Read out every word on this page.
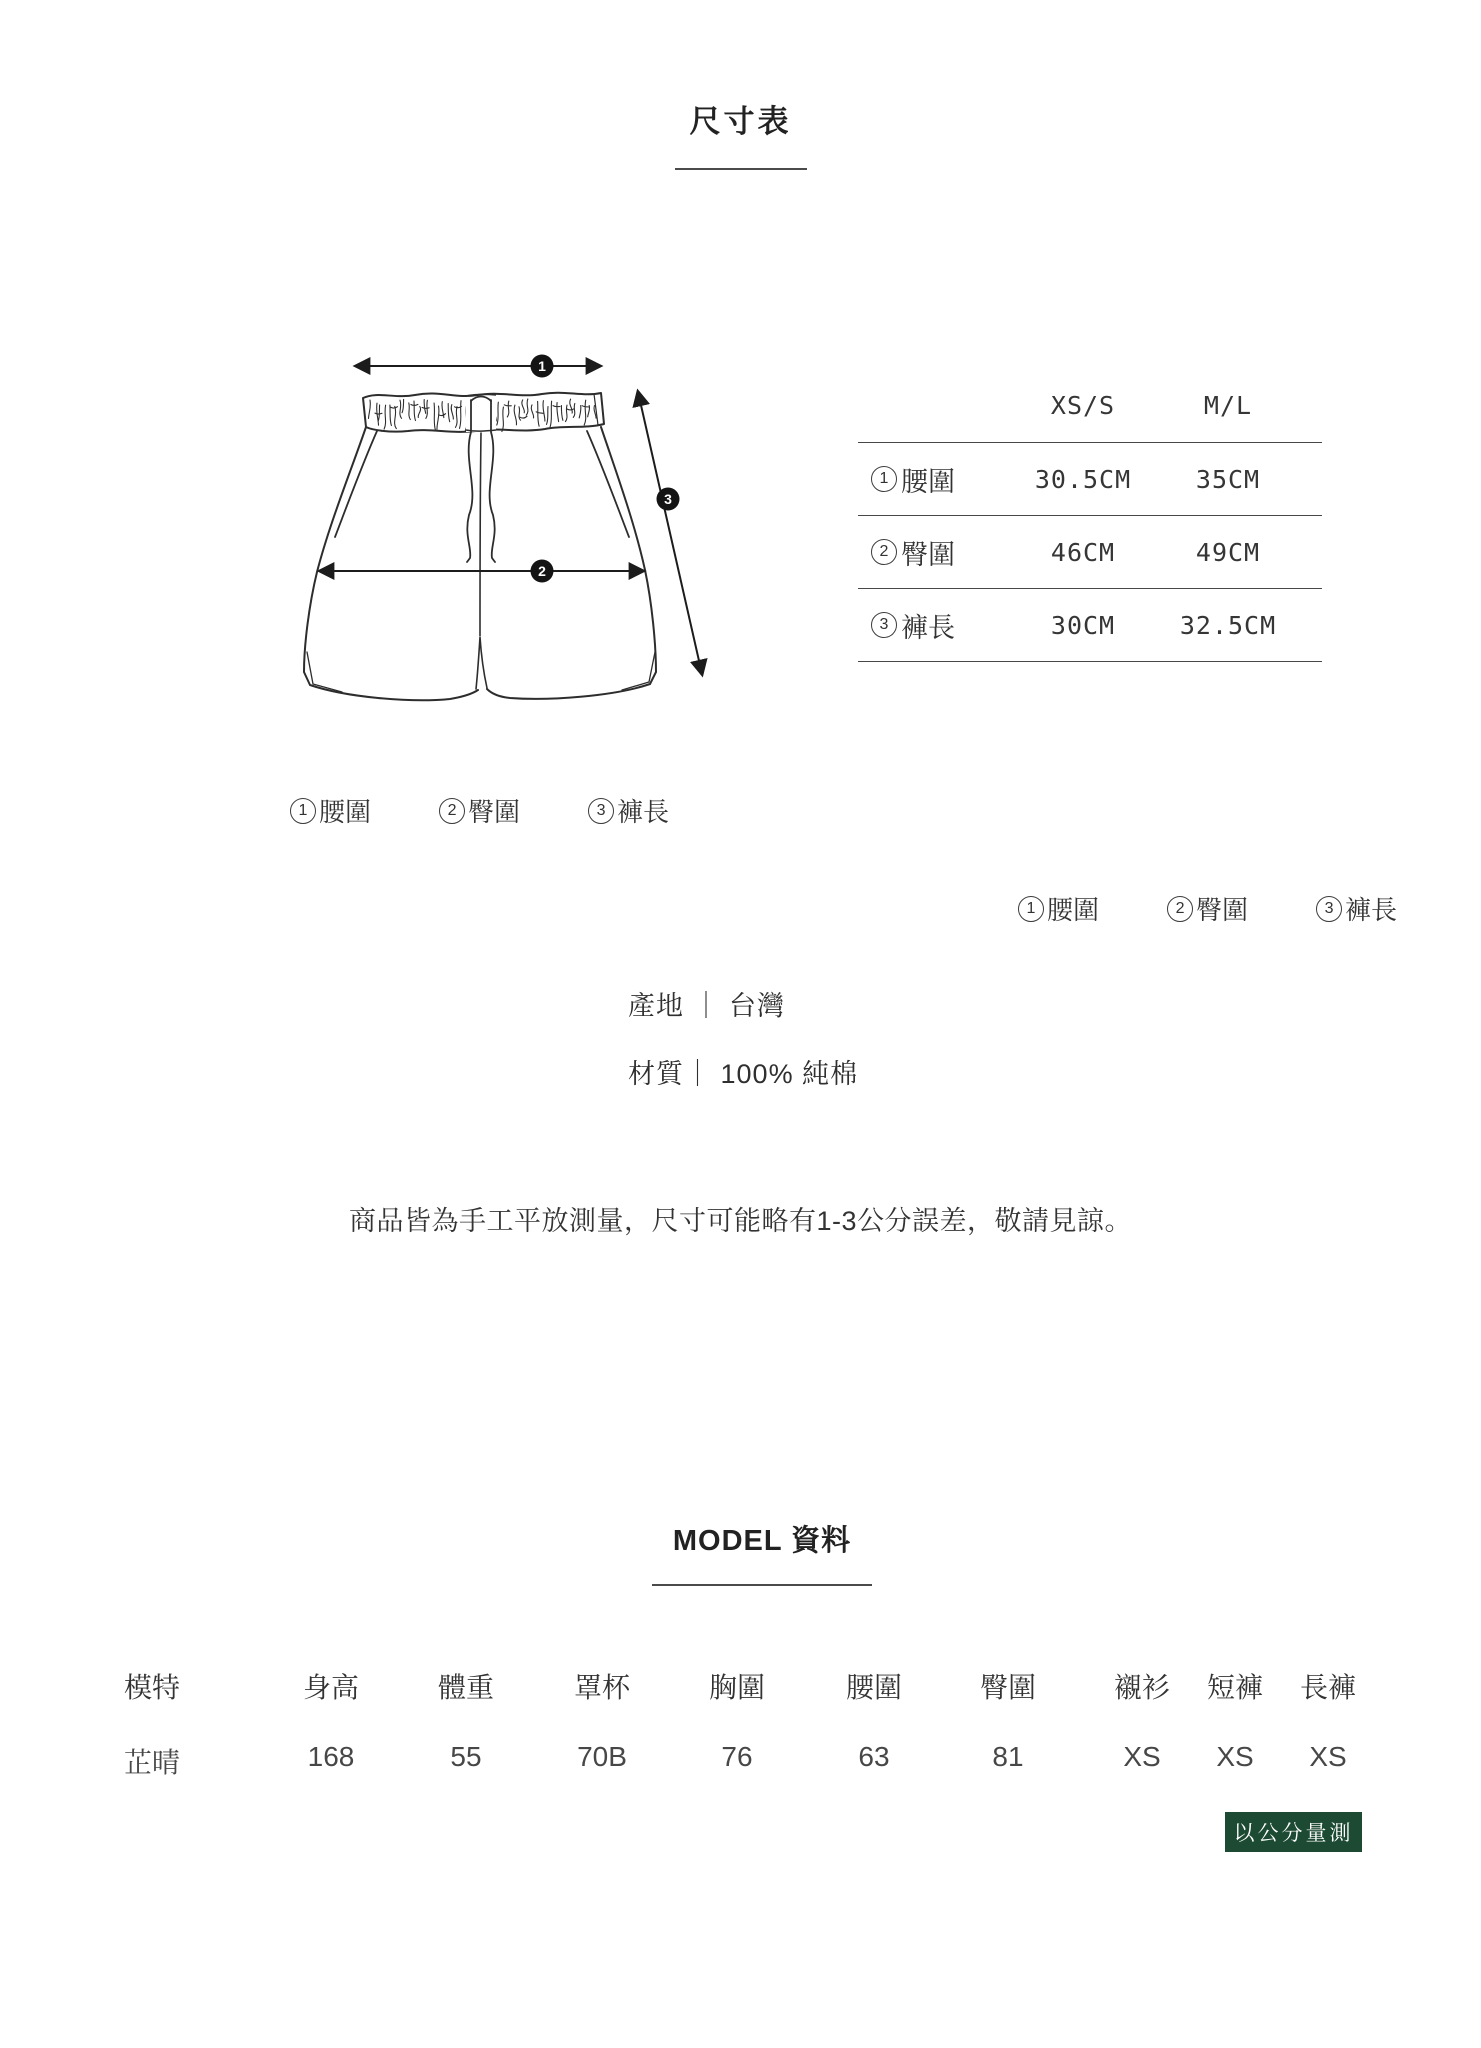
尺寸表
1
2
3
XS/S	M/L
1 腰圍	30.5CM	35CM
2 臀圍	46CM	49CM
3 褲長	30CM	32.5CM
1 腰圍	2 臀圍	3 褲長
1 腰圍	2 臀圍	3 褲長

產地 ｜ 台灣

材質｜ 100% 純棉

商品皆為手工平放測量，尺寸可能略有1-3公分誤差，敬請見諒。
MODEL 資料
模特	身高	體重	罩杯	胸圍	腰圍	臀圍	襯衫	短褲	長褲
芷晴	168	55	70B	76	63	81	XS	XS	XS
以公分量測
